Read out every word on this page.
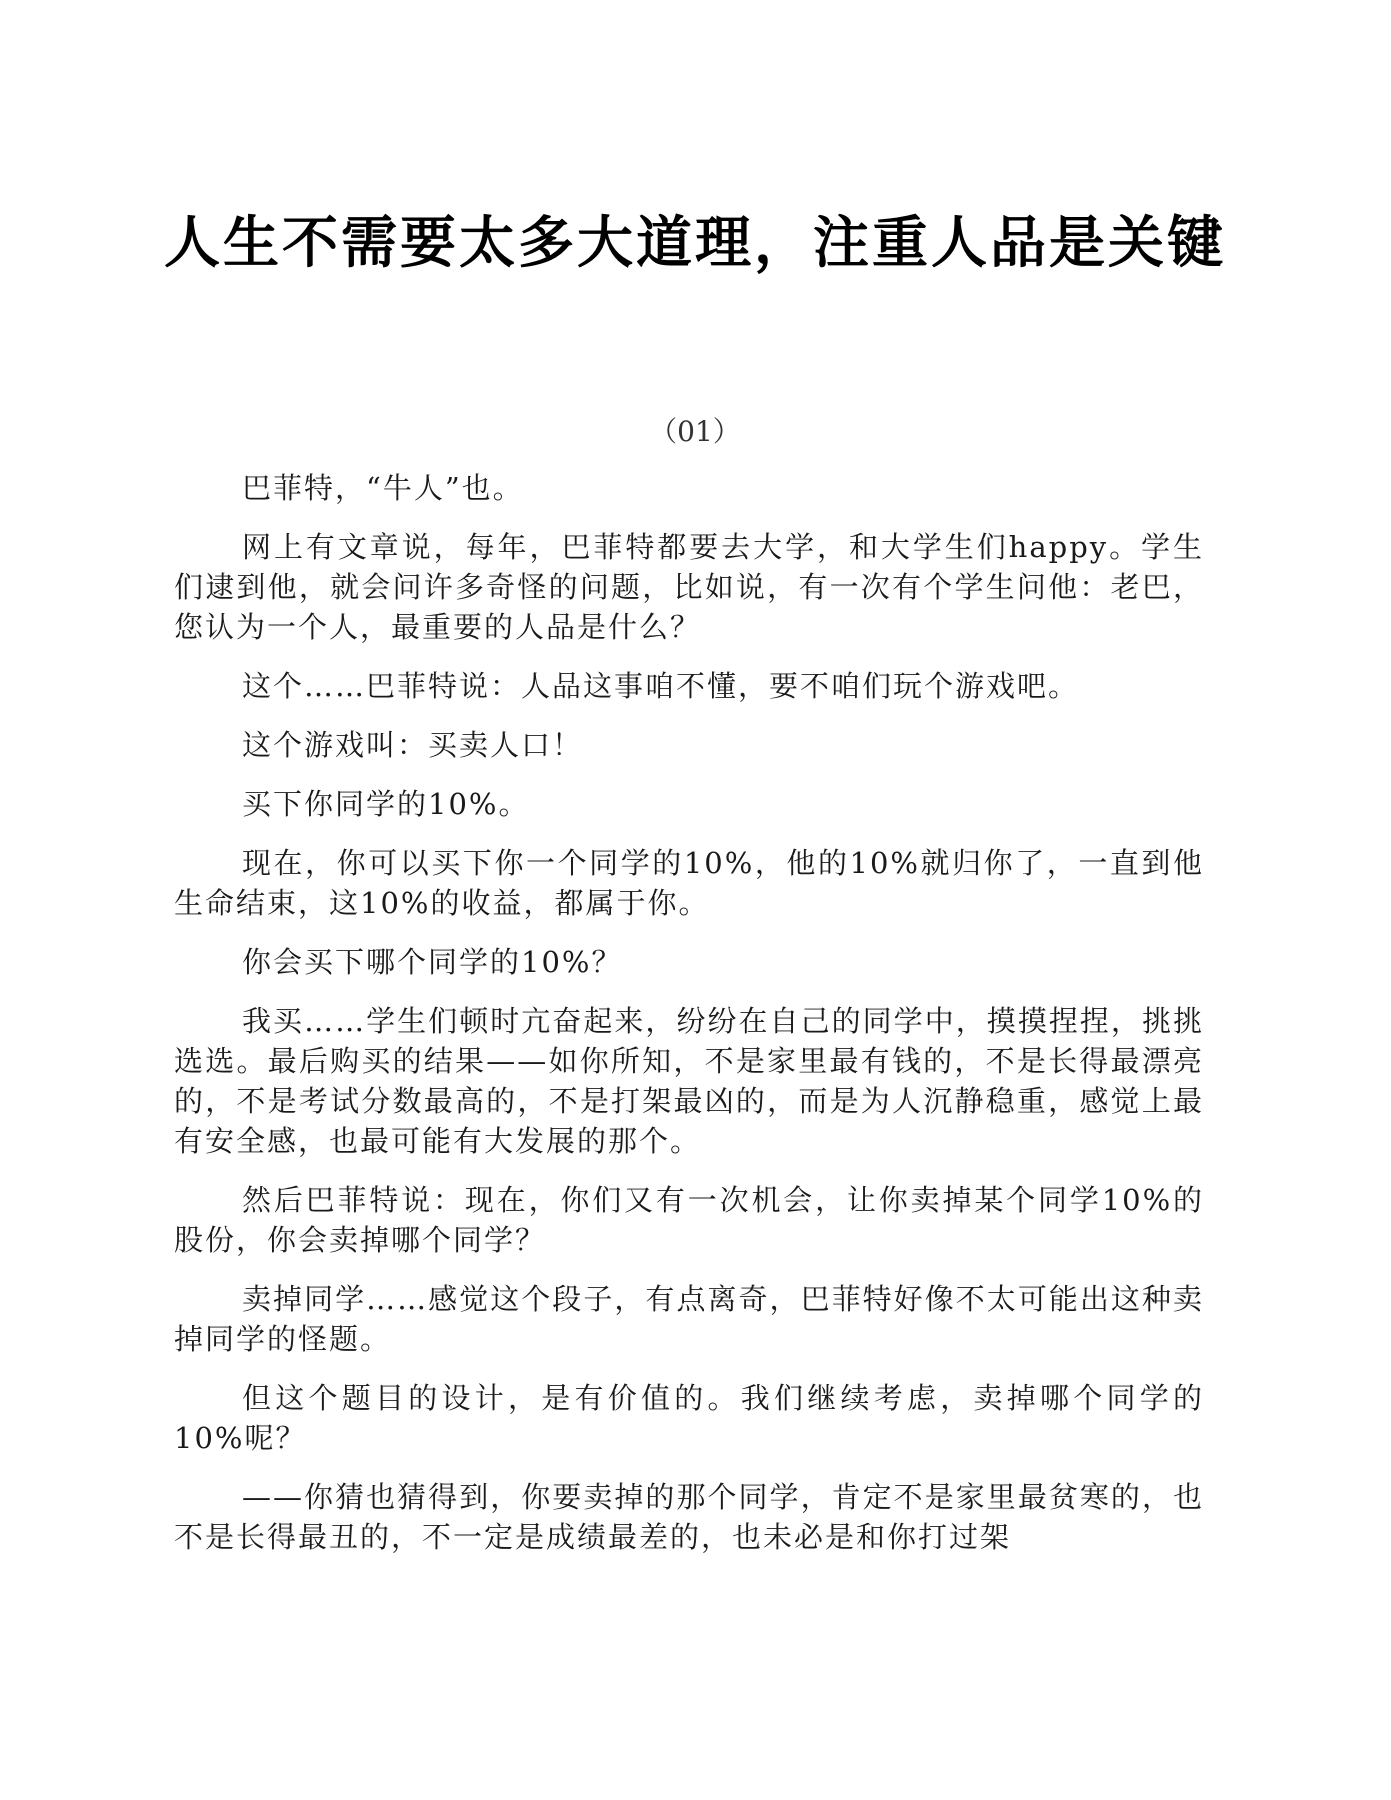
人生不需要太多大道理，注重人品是关键
（01）

巴菲特，“牛人”也。

网上有文章说，每年，巴菲特都要去大学，和大学生们happy。学生们逮到他，就会问许多奇怪的问题，比如说，有一次有个学生问他：老巴，您认为一个人，最重要的人品是什么？

这个……巴菲特说：人品这事咱不懂，要不咱们玩个游戏吧。

这个游戏叫：买卖人口！

买下你同学的10%。

现在，你可以买下你一个同学的10%，他的10%就归你了，一直到他生命结束，这10%的收益，都属于你。

你会买下哪个同学的10%？

我买……学生们顿时亢奋起来，纷纷在自己的同学中，摸摸捏捏，挑挑选选。最后购买的结果——如你所知，不是家里最有钱的，不是长得最漂亮的，不是考试分数最高的，不是打架最凶的，而是为人沉静稳重，感觉上最有安全感，也最可能有大发展的那个。

然后巴菲特说：现在，你们又有一次机会，让你卖掉某个同学10%的股份，你会卖掉哪个同学？

卖掉同学……感觉这个段子，有点离奇，巴菲特好像不太可能出这种卖掉同学的怪题。

但这个题目的设计，是有价值的。我们继续考虑，卖掉哪个同学的10%呢？

——你猜也猜得到，你要卖掉的那个同学，肯定不是家里最贫寒的，也不是长得最丑的，不一定是成绩最差的，也未必是和你打过架
